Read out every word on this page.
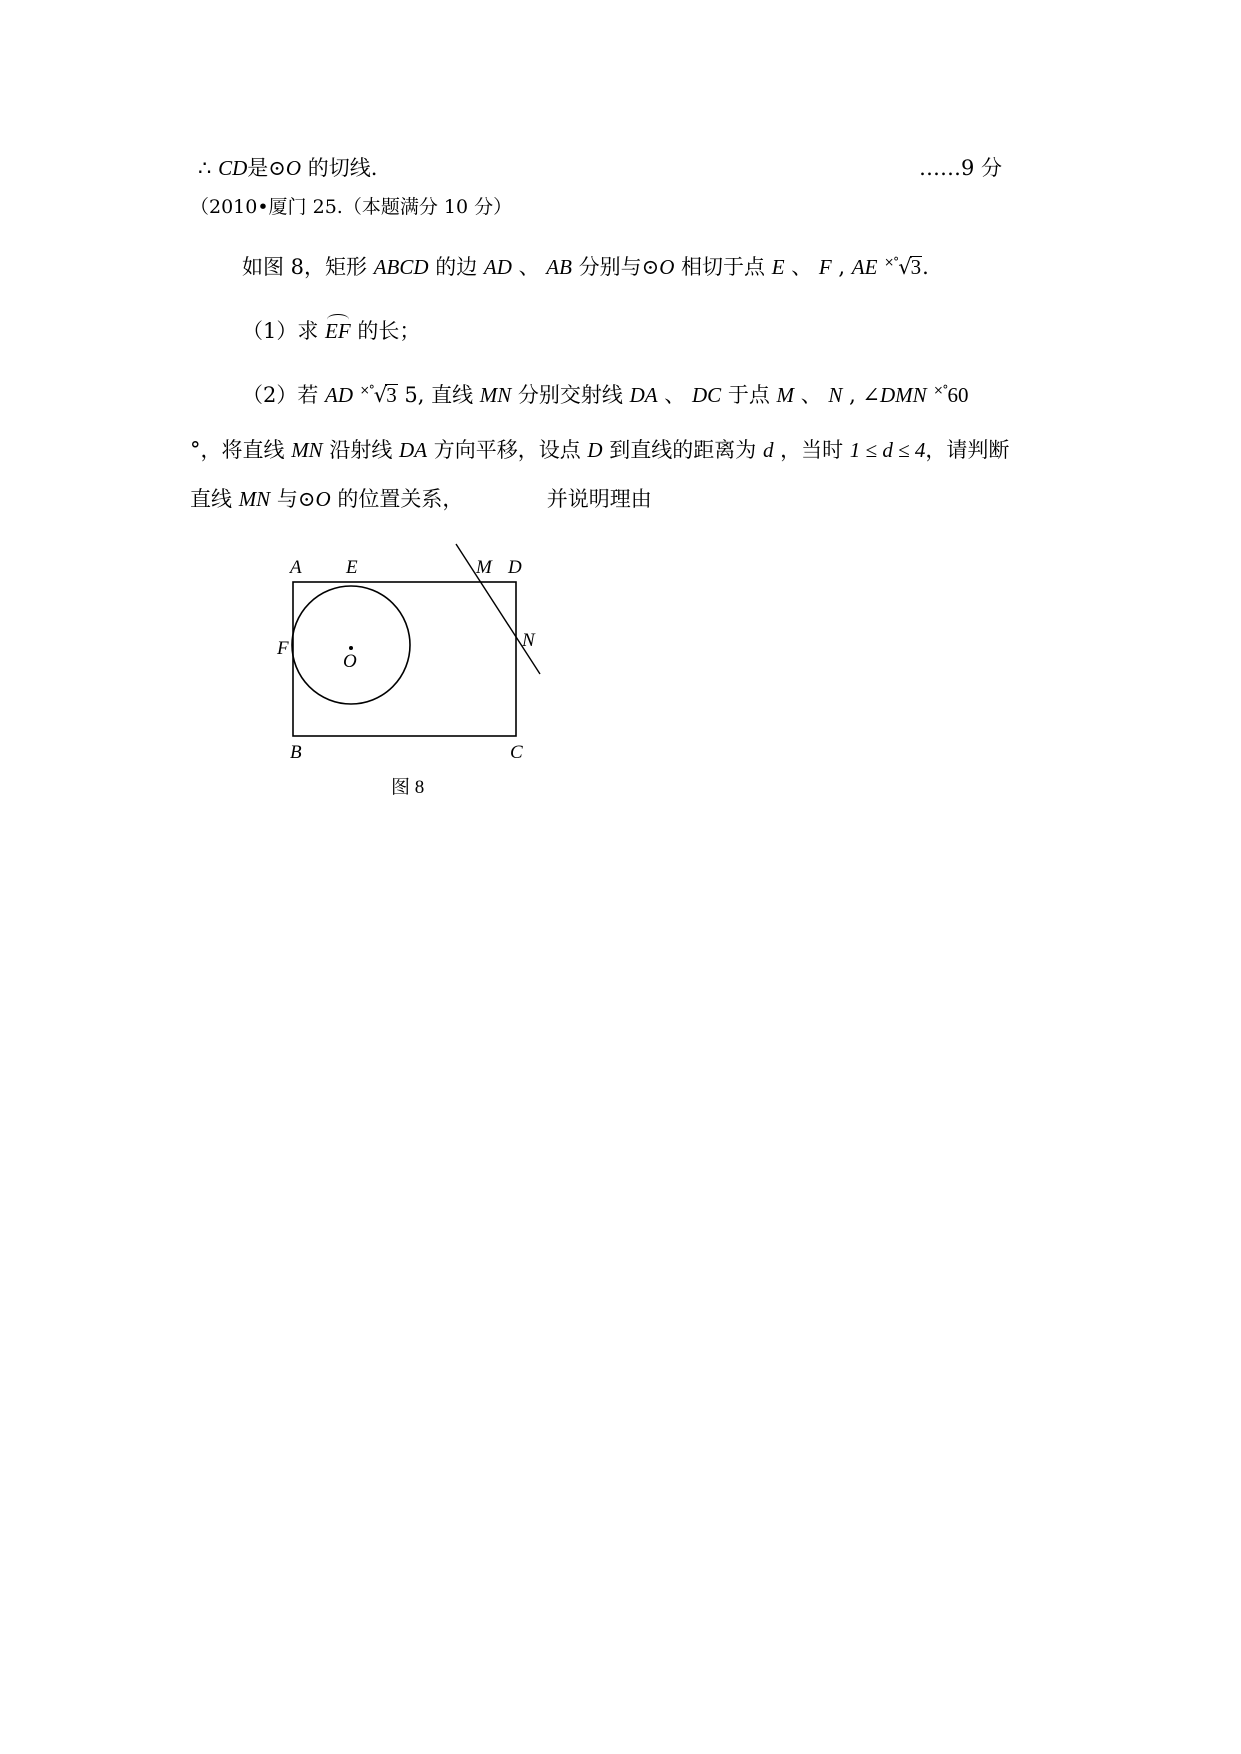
∴ CD是⊙O 的切线.	……9 分
（2010•厦门 25.（本题满分 10 分）
如图 8，矩形 ABCD 的边 AD 、 AB 分别与⊙O 相切于点 E 、 F , AE ×°√3.
（1）求 EF 的长；
（2）若 AD ×°√3 5, 直线 MN 分别交射线 DA 、 DC 于点 M 、 N , ∠DMN ×°60
°，将直线 MN 沿射线 DA 方向平移，设点 D 到直线的距离为 d ，当时 1 ≤ d ≤ 4，请判断
直线 MN 与⊙O 的位置关系，	并说明理由
A E	M D
F
O
N
B	C
图 8
